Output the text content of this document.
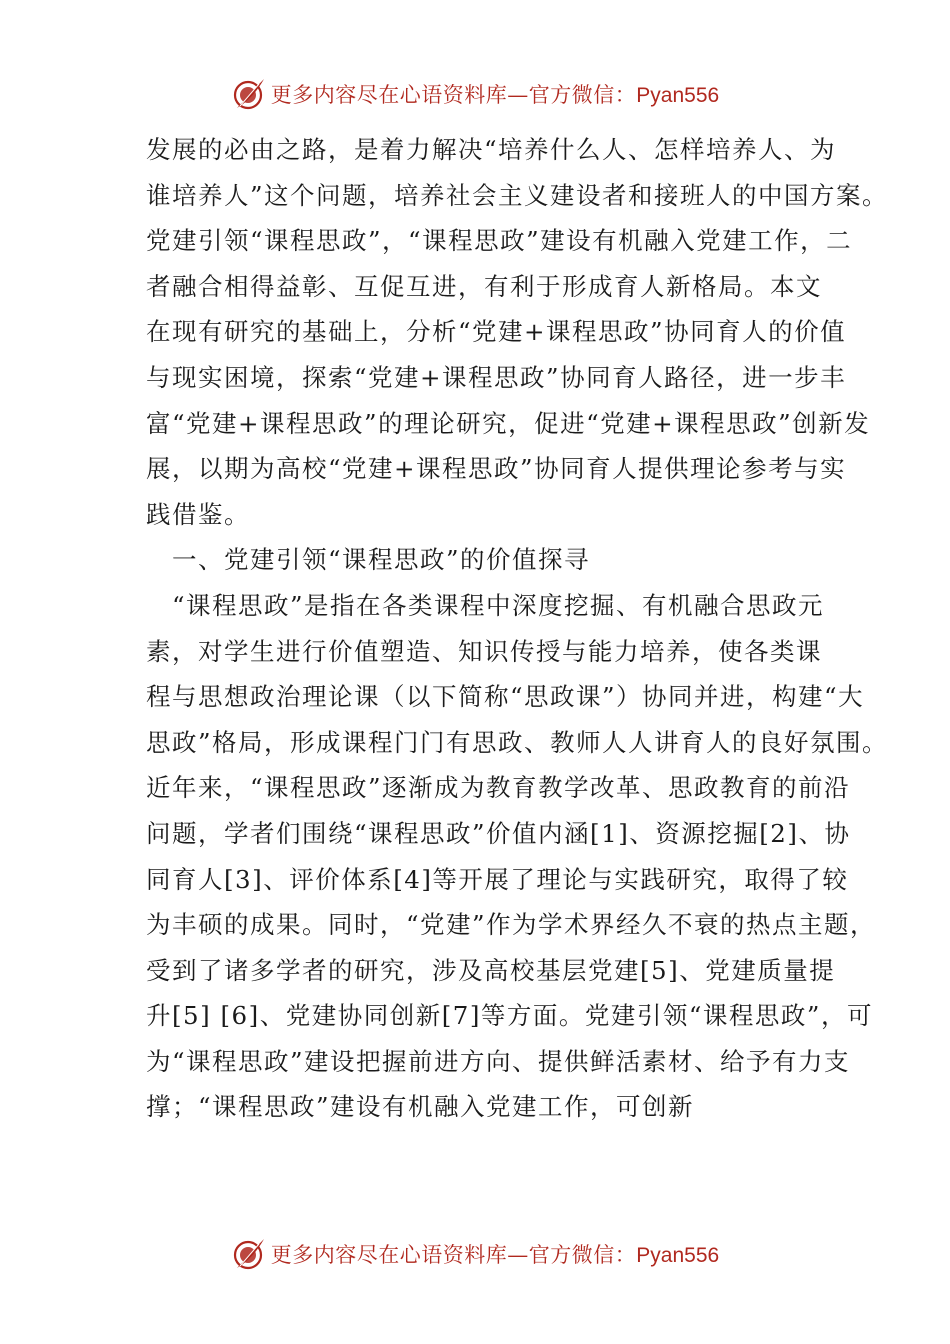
更多内容尽在心语资料库—官方微信：Pyan556
发展的必由之路，是着力解决“培养什么人、怎样培养人、为
谁培养人”这个问题，培养社会主义建设者和接班人的中国方案。
党建引领“课程思政”，“课程思政”建设有机融入党建工作，二
者融合相得益彰、互促互进，有利于形成育人新格局。本文
在现有研究的基础上，分析“党建+课程思政”协同育人的价值
与现实困境，探索“党建+课程思政”协同育人路径，进一步丰
富“党建+课程思政”的理论研究，促进“党建+课程思政”创新发
展，以期为高校“党建+课程思政”协同育人提供理论参考与实
践借鉴。
　一、党建引领“课程思政”的价值探寻
　“课程思政”是指在各类课程中深度挖掘、有机融合思政元
素，对学生进行价值塑造、知识传授与能力培养，使各类课
程与思想政治理论课（以下简称“思政课”）协同并进，构建“大
思政”格局，形成课程门门有思政、教师人人讲育人的良好氛围。
近年来，“课程思政”逐渐成为教育教学改革、思政教育的前沿
问题，学者们围绕“课程思政”价值内涵[1]、资源挖掘[2]、协
同育人[3]、评价体系[4]等开展了理论与实践研究，取得了较
为丰硕的成果。同时，“党建”作为学术界经久不衰的热点主题，
受到了诸多学者的研究，涉及高校基层党建[5]、党建质量提
升[5] [6]、党建协同创新[7]等方面。党建引领“课程思政”，可
为“课程思政”建设把握前进方向、提供鲜活素材、给予有力支
撑；“课程思政”建设有机融入党建工作，可创新
更多内容尽在心语资料库—官方微信：Pyan556
